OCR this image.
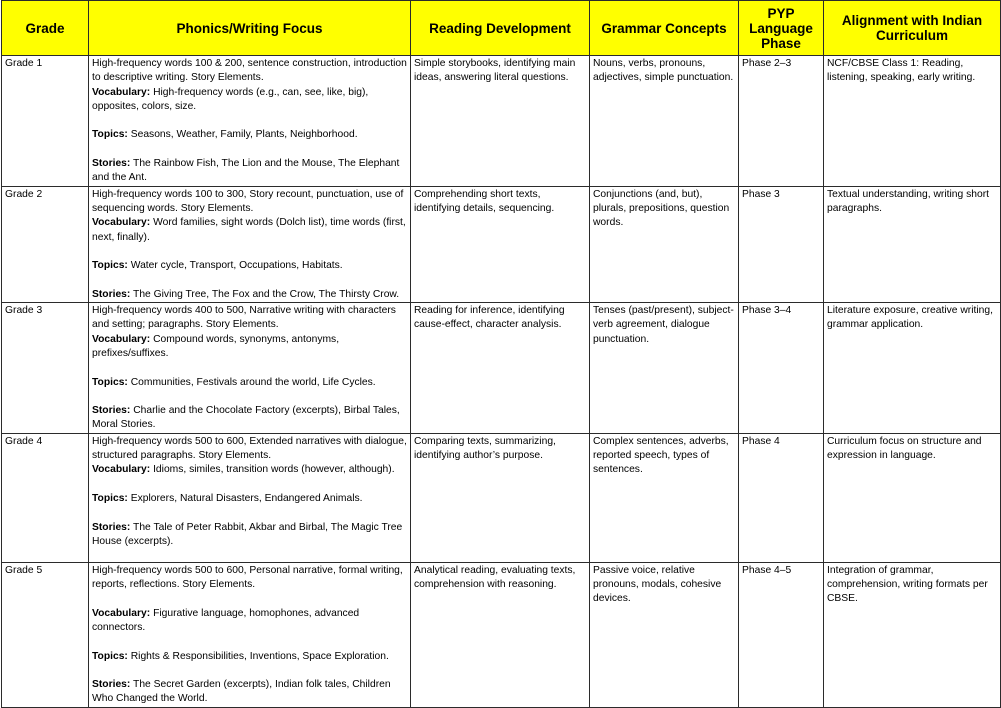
Grade	Phonics/Writing Focus	Reading Development	Grammar Concepts	PYP Language Phase	Alignment with Indian Curriculum
Grade 1	High-frequency words 100 & 200, sentence construction, introduction to descriptive writing. Story Elements.

Vocabulary: High-frequency words (e.g., can, see, like, big), opposites, colors, size.

Topics: Seasons, Weather, Family, Plants, Neighborhood.

Stories: The Rainbow Fish, The Lion and the Mouse, The Elephant and the Ant.	Simple storybooks, identifying main ideas, answering literal questions.	Nouns, verbs, pronouns, adjectives, simple punctuation.	Phase 2–3	NCF/CBSE Class 1: Reading, listening, speaking, early writing.
Grade 2	High-frequency words 100 to 300, Story recount, punctuation, use of sequencing words. Story Elements.

Vocabulary: Word families, sight words (Dolch list), time words (first, next, finally).

Topics: Water cycle, Transport, Occupations, Habitats.

Stories: The Giving Tree, The Fox and the Crow, The Thirsty Crow.	Comprehending short texts, identifying details, sequencing.	Conjunctions (and, but), plurals, prepositions, question words.	Phase 3	Textual understanding, writing short paragraphs.
Grade 3	High-frequency words 400 to 500, Narrative writing with characters and setting; paragraphs. Story Elements.

Vocabulary: Compound words, synonyms, antonyms, prefixes/suffixes.

Topics: Communities, Festivals around the world, Life Cycles.

Stories: Charlie and the Chocolate Factory (excerpts), Birbal Tales, Moral Stories.	Reading for inference, identifying cause-effect, character analysis.	Tenses (past/present), subject-verb agreement, dialogue punctuation.	Phase 3–4	Literature exposure, creative writing, grammar application.
Grade 4	High-frequency words 500 to 600, Extended narratives with dialogue, structured paragraphs. Story Elements.

Vocabulary: Idioms, similes, transition words (however, although).

Topics: Explorers, Natural Disasters, Endangered Animals.

Stories: The Tale of Peter Rabbit, Akbar and Birbal, The Magic Tree House (excerpts).	Comparing texts, summarizing, identifying author’s purpose.	Complex sentences, adverbs, reported speech, types of sentences.	Phase 4	Curriculum focus on structure and expression in language.
Grade 5	High-frequency words 500 to 600, Personal narrative, formal writing, reports, reflections. Story Elements.

Vocabulary: Figurative language, homophones, advanced connectors.

Topics: Rights & Responsibilities, Inventions, Space Exploration.

Stories: The Secret Garden (excerpts), Indian folk tales, Children Who Changed the World.	Analytical reading, evaluating texts, comprehension with reasoning.	Passive voice, relative pronouns, modals, cohesive devices.	Phase 4–5	Integration of grammar, comprehension, writing formats per CBSE.
